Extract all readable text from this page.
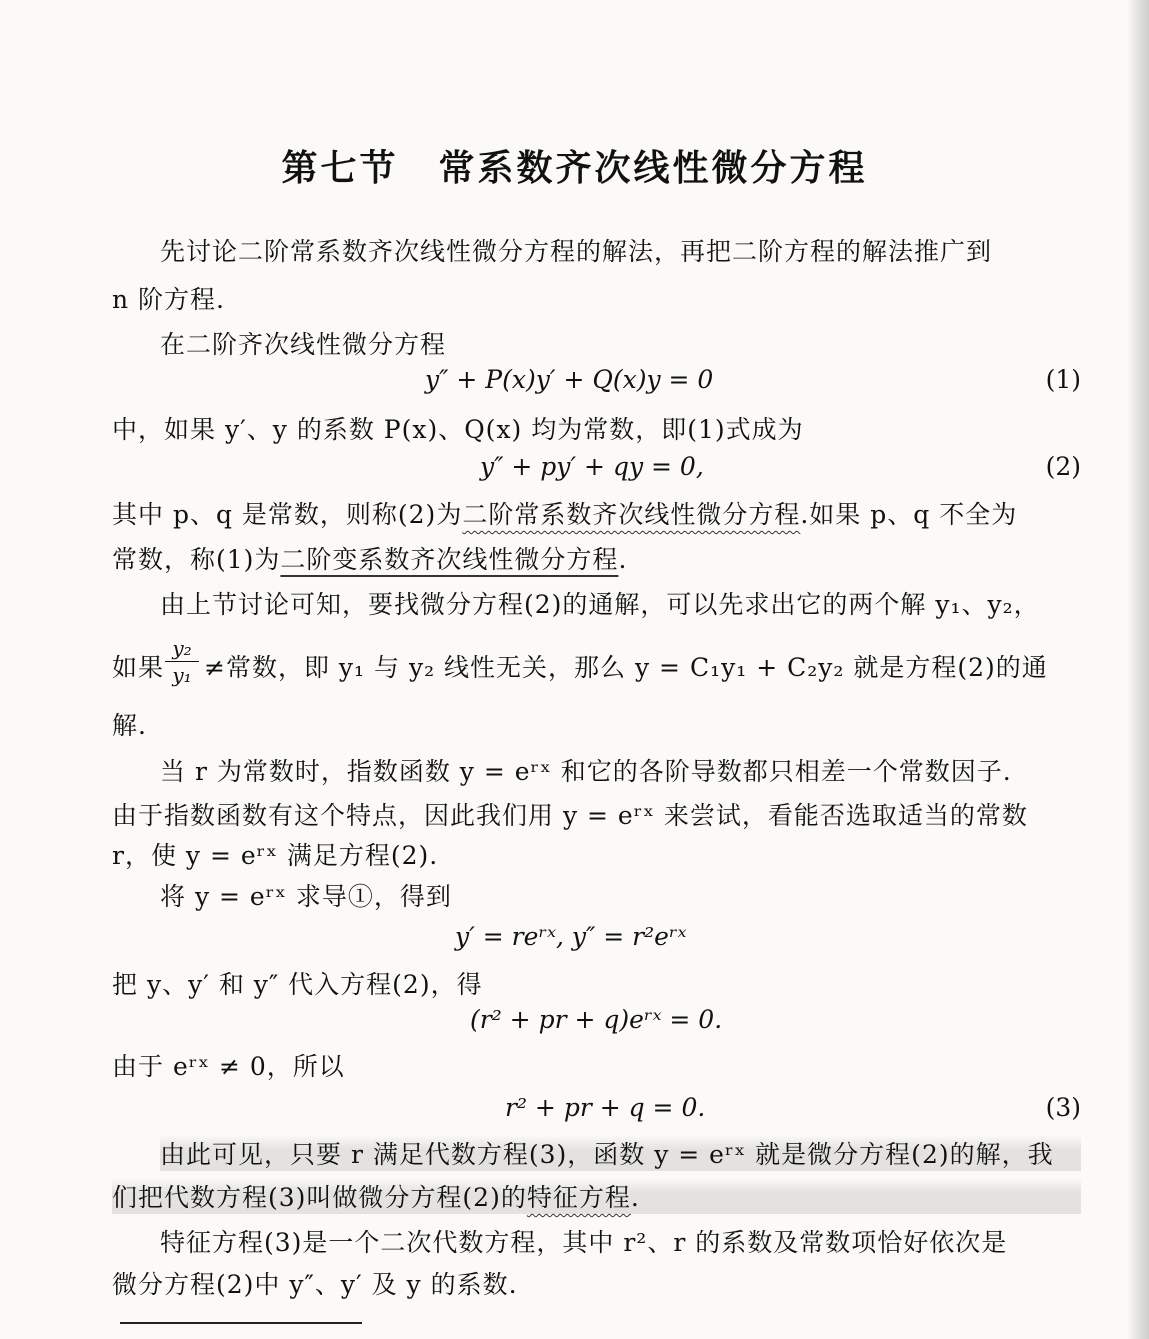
第七节 常系数齐次线性微分方程
先讨论二阶常系数齐次线性微分方程的解法，再把二阶方程的解法推广到
n 阶方程.
在二阶齐次线性微分方程
y″ + P(x)y′ + Q(x)y = 0	(1)
中，如果 y′、y 的系数 P(x)、Q(x) 均为常数，即(1)式成为
y″ + py′ + qy = 0,	(2)
其中 p、q 是常数，则称(2)为二阶常系数齐次线性微分方程.如果 p、q 不全为
常数，称(1)为二阶变系数齐次线性微分方程.
由上节讨论可知，要找微分方程(2)的通解，可以先求出它的两个解 y₁、y₂，
如果 ≠常数，即 y₁ 与 y₂ 线性无关，那么 y = C₁y₁ + C₂y₂ 就是方程(2)的通
$\frac{\text{y₂}}{\text{y₁}}$
解.
当 r 为常数时，指数函数 y = eʳˣ 和它的各阶导数都只相差一个常数因子.
由于指数函数有这个特点，因此我们用 y = eʳˣ 来尝试，看能否选取适当的常数
r，使 y = eʳˣ 满足方程(2).
将 y = eʳˣ 求导①，得到
y′ = reʳˣ, y″ = r²eʳˣ
把 y、y′ 和 y″ 代入方程(2)，得
(r² + pr + q)eʳˣ = 0.
由于 eʳˣ ≠ 0，所以
r² + pr + q = 0.	(3)
由此可见，只要 r 满足代数方程(3)，函数 y = eʳˣ 就是微分方程(2)的解，我
们把代数方程(3)叫做微分方程(2)的特征方程.
特征方程(3)是一个二次代数方程，其中 r²、r 的系数及常数项恰好依次是
微分方程(2)中 y″、y′ 及 y 的系数.
